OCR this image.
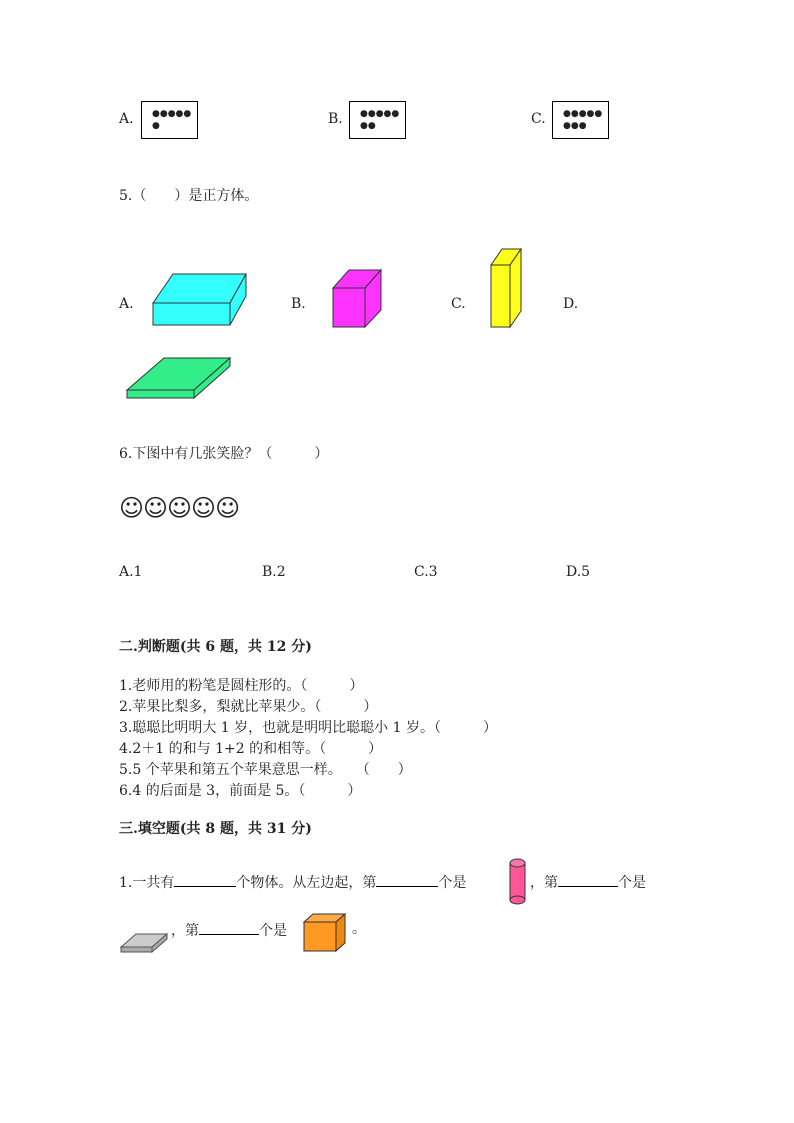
A. ●●●●●
●	B. ●●●●●
●●	C. ●●●●●
●●●
5.（　　）是正方体。
A.	B.	C.	D.
6.下图中有几张笑脸？（　　　）
☺☺☺☺☺
A.1	B.2	C.3	D.5
二.判断题(共 6 题，共 12 分)
1.老师用的粉笔是圆柱形的。（　　　）
2.苹果比梨多，梨就比苹果少。（　　　）
3.聪聪比明明大 1 岁，也就是明明比聪聪小 1 岁。（　　　）
4.2＋1 的和与 1+2 的和相等。（　　　）
5.5 个苹果和第五个苹果意思一样。　　（　　）
6.4 的后面是 3，前面是 5。（　　　）
三.填空题(共 8 题，共 31 分)
1.一共有	个物体。从左边起，第	个是	，第	个是
，第	个是	。
